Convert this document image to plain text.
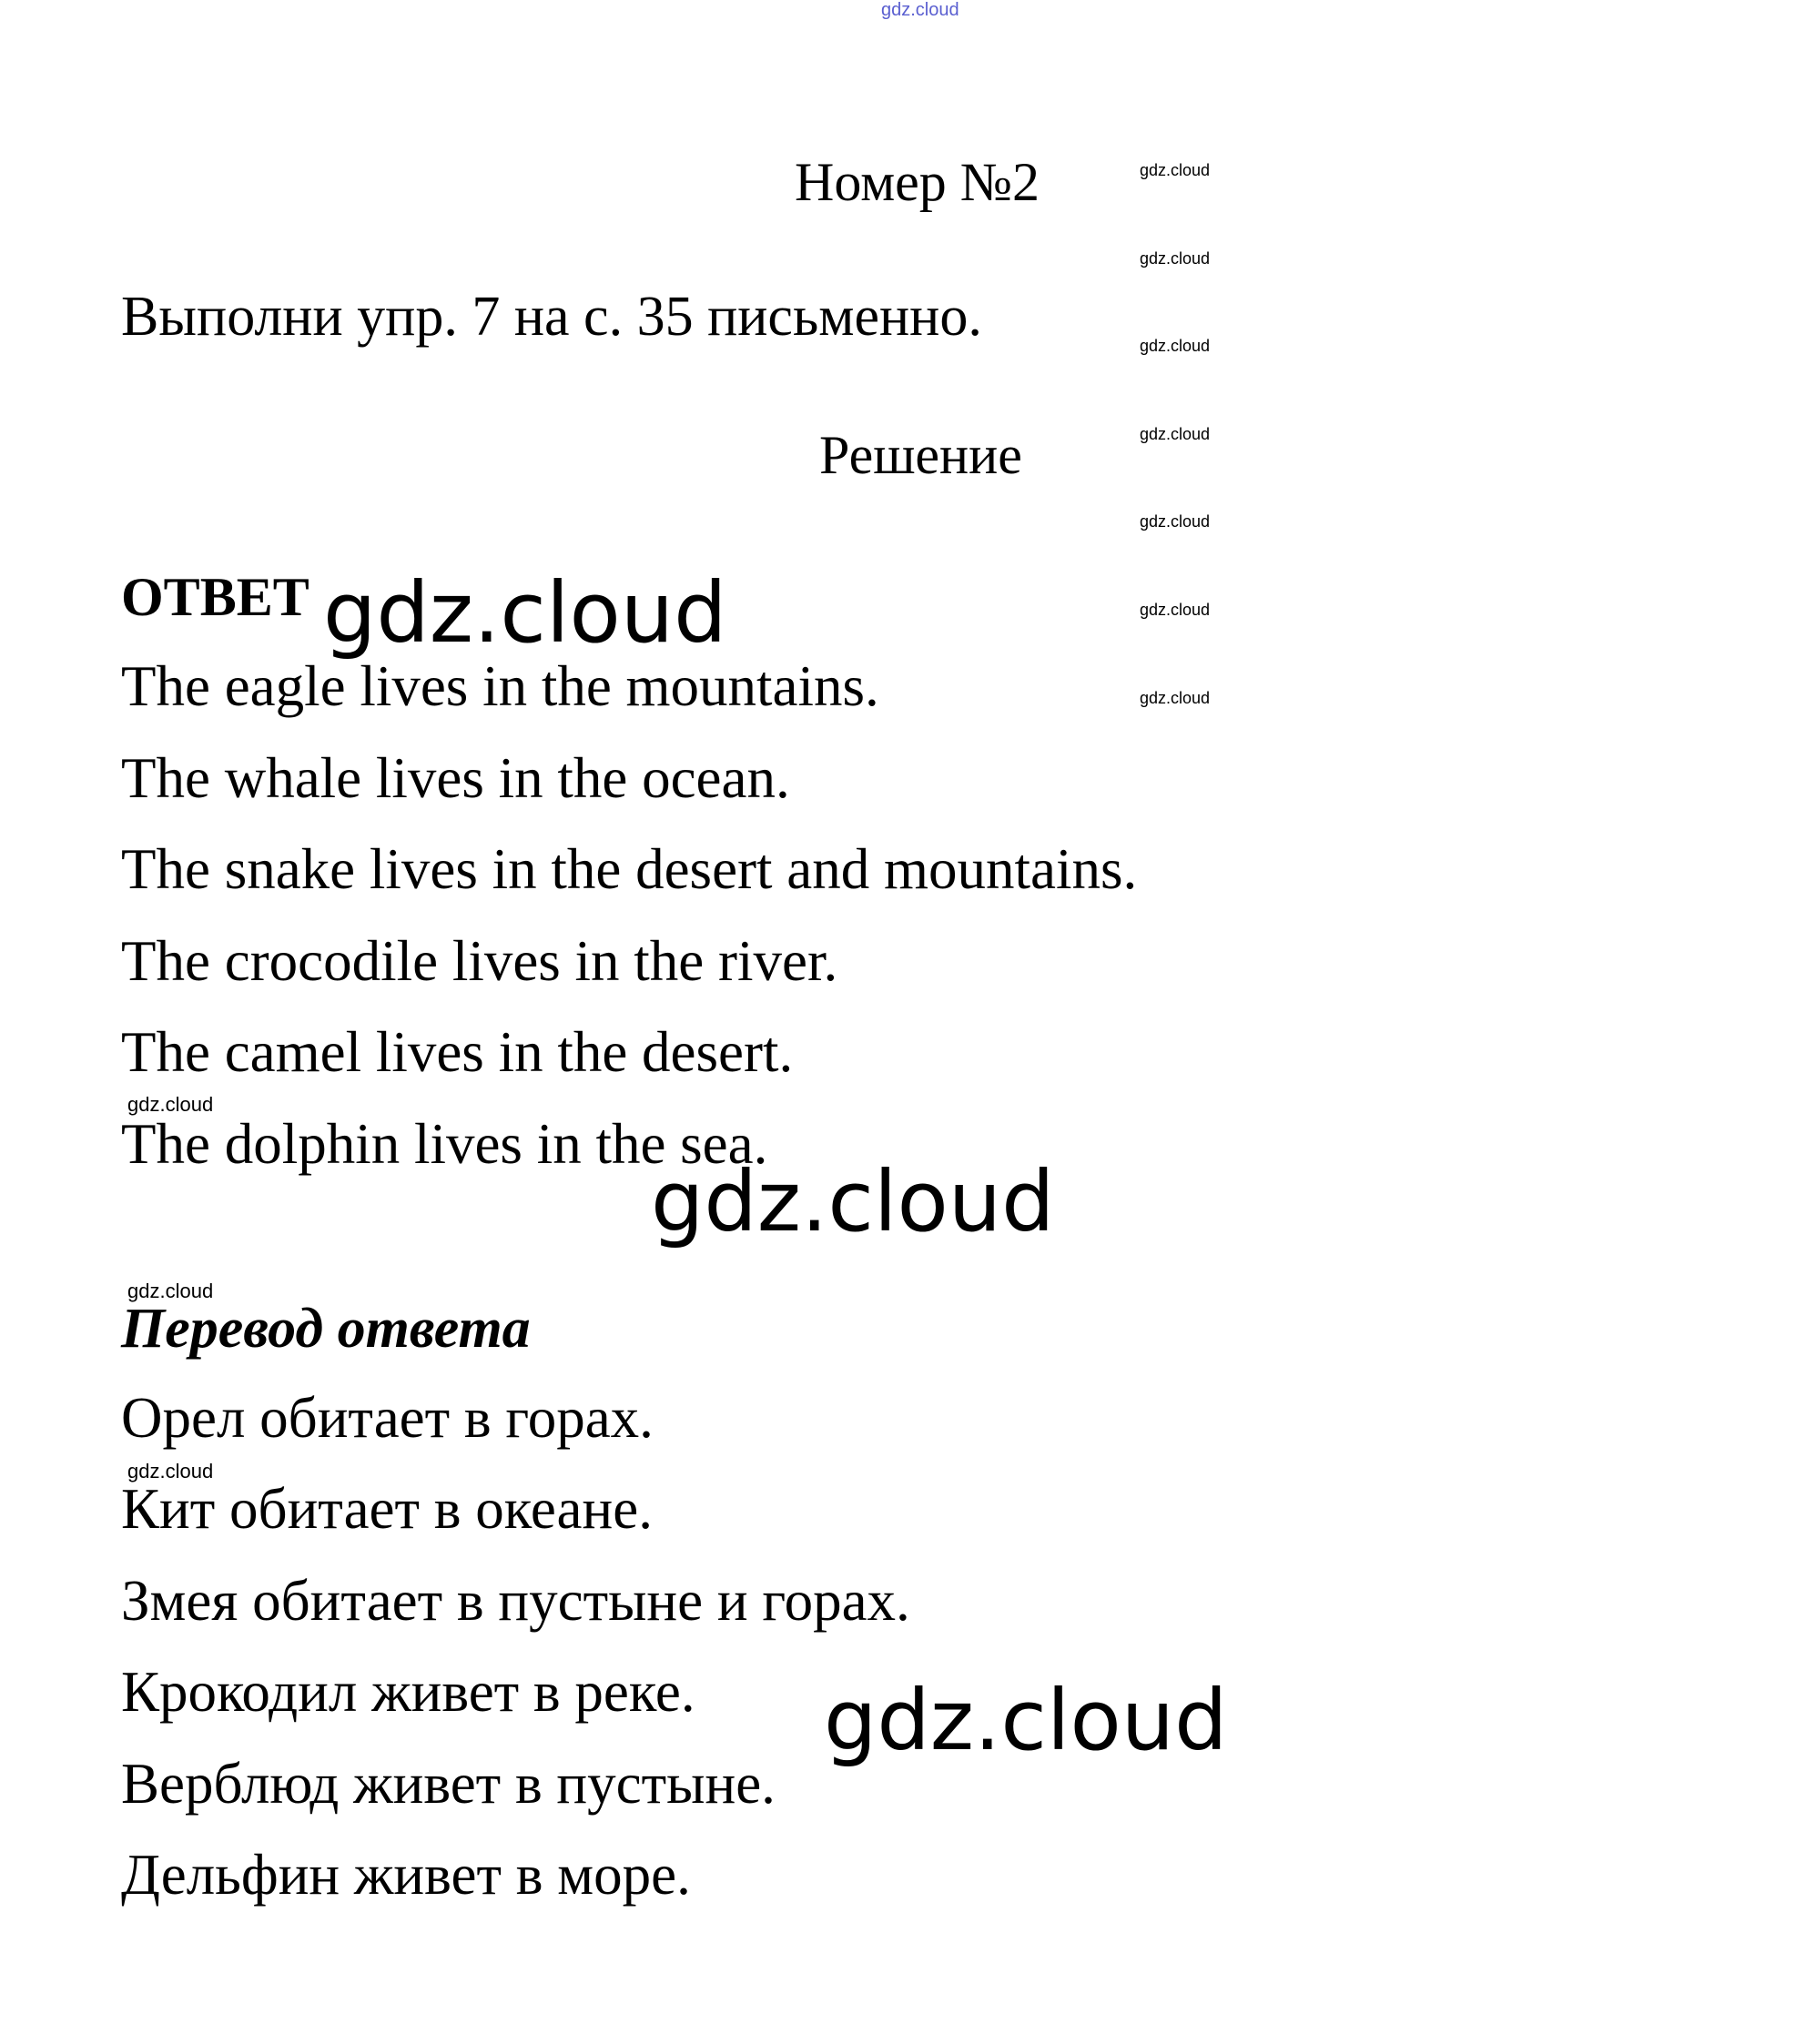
gdz.cloud
gdz.cloud
gdz.cloud
gdz.cloud
gdz.cloud
gdz.cloud
gdz.cloud
gdz.cloud
Номер №2
Выполни упр. 7 на с. 35 письменно.
Решение
ОТВЕТ gdz.cloud
The eagle lives in the mountains.
The whale lives in the ocean.
The snake lives in the desert and mountains.
The crocodile lives in the river.
The camel lives in the desert.
gdz.cloud
The dolphin lives in the sea.
gdz.cloud
gdz.cloud
Перевод ответа
Орел обитает в горах.
gdz.cloud
Кит обитает в океане.
Змея обитает в пустыне и горах.
Крокодил живет в реке. gdz.cloud
Верблюд живет в пустыне.
Дельфин живет в море.
